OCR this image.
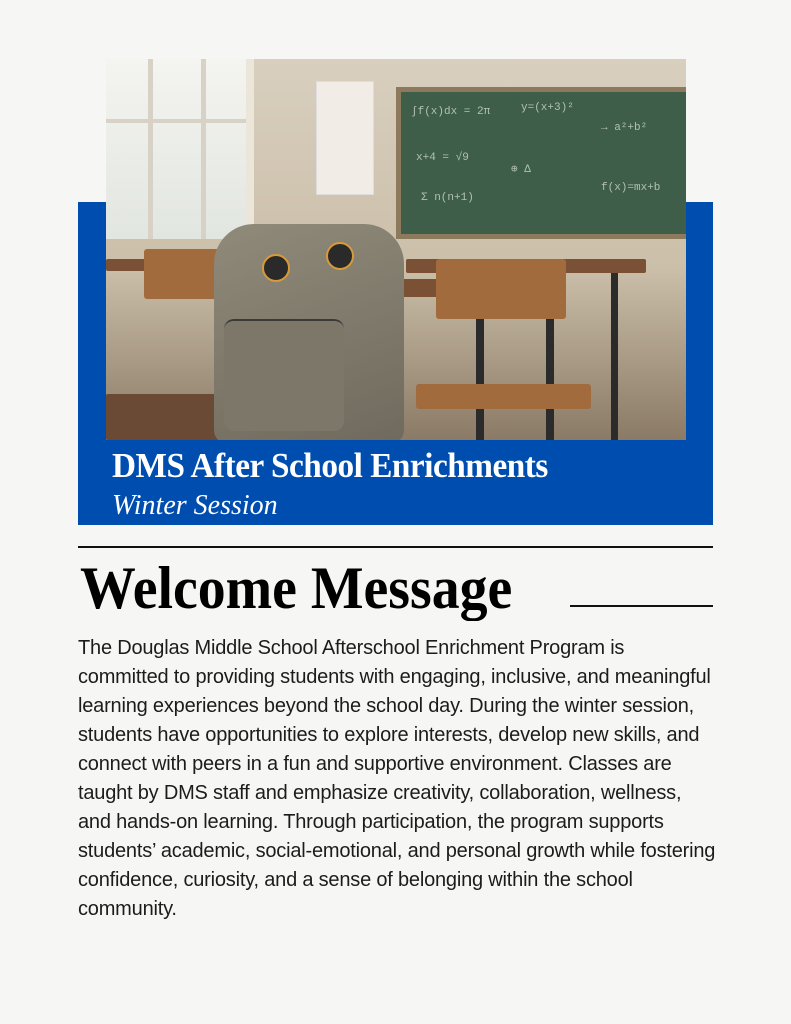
∫f(x)dx = 2π	y=(x+3)²
→ a²+b²
x+4 = √9
⊕ Δ
f(x)=mx+b
Σ n(n+1)
DMS After School Enrichments
Winter Session
Welcome Message
The Douglas Middle School Afterschool Enrichment Program is committed to providing students with engaging, inclusive, and meaningful learning experiences beyond the school day. During the winter session, students have opportunities to explore interests, develop new skills, and connect with peers in a fun and supportive environment. Classes are taught by DMS staff and emphasize creativity, collaboration, wellness, and hands-on learning. Through participation, the program supports students’ academic, social-emotional, and personal growth while fostering confidence, curiosity, and a sense of belonging within the school community.
